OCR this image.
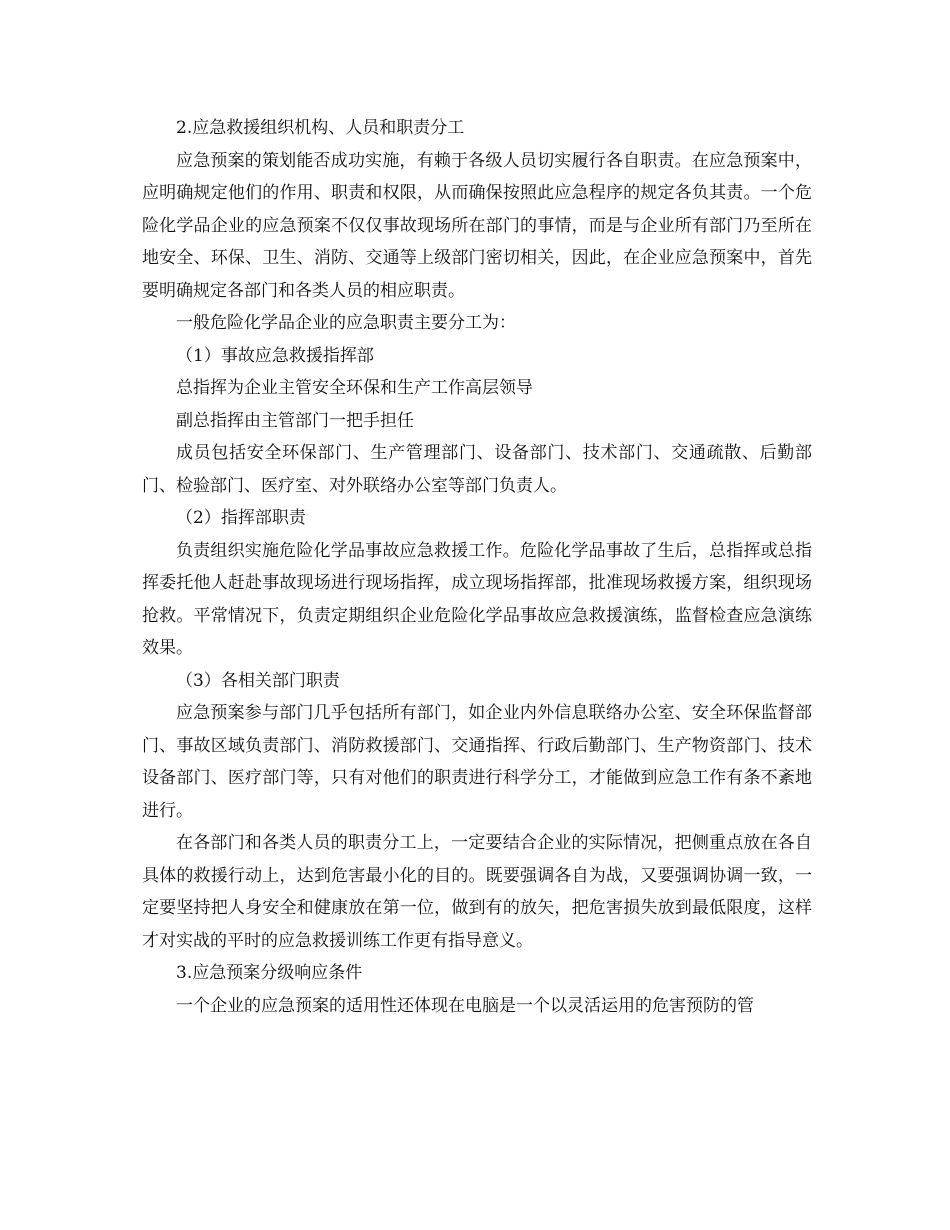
2.应急救援组织机构、人员和职责分工

应急预案的策划能否成功实施，有赖于各级人员切实履行各自职责。在应急预案中，应明确规定他们的作用、职责和权限，从而确保按照此应急程序的规定各负其责。一个危险化学品企业的应急预案不仅仅事故现场所在部门的事情，而是与企业所有部门乃至所在地安全、环保、卫生、消防、交通等上级部门密切相关，因此，在企业应急预案中，首先要明确规定各部门和各类人员的相应职责。

一般危险化学品企业的应急职责主要分工为：

（1）事故应急救援指挥部

总指挥为企业主管安全环保和生产工作高层领导

副总指挥由主管部门一把手担任

成员包括安全环保部门、生产管理部门、设备部门、技术部门、交通疏散、后勤部门、检验部门、医疗室、对外联络办公室等部门负责人。

（2）指挥部职责

负责组织实施危险化学品事故应急救援工作。危险化学品事故了生后，总指挥或总指挥委托他人赶赴事故现场进行现场指挥，成立现场指挥部，批准现场救援方案，组织现场抢救。平常情况下，负责定期组织企业危险化学品事故应急救援演练，监督检查应急演练效果。

（3）各相关部门职责

应急预案参与部门几乎包括所有部门，如企业内外信息联络办公室、安全环保监督部门、事故区域负责部门、消防救援部门、交通指挥、行政后勤部门、生产物资部门、技术设备部门、医疗部门等，只有对他们的职责进行科学分工，才能做到应急工作有条不紊地进行。

在各部门和各类人员的职责分工上，一定要结合企业的实际情况，把侧重点放在各自具体的救援行动上，达到危害最小化的目的。既要强调各自为战，又要强调协调一致，一定要坚持把人身安全和健康放在第一位，做到有的放矢，把危害损失放到最低限度，这样才对实战的平时的应急救援训练工作更有指导意义。

3.应急预案分级响应条件

一个企业的应急预案的适用性还体现在电脑是一个以灵活运用的危害预防的管
